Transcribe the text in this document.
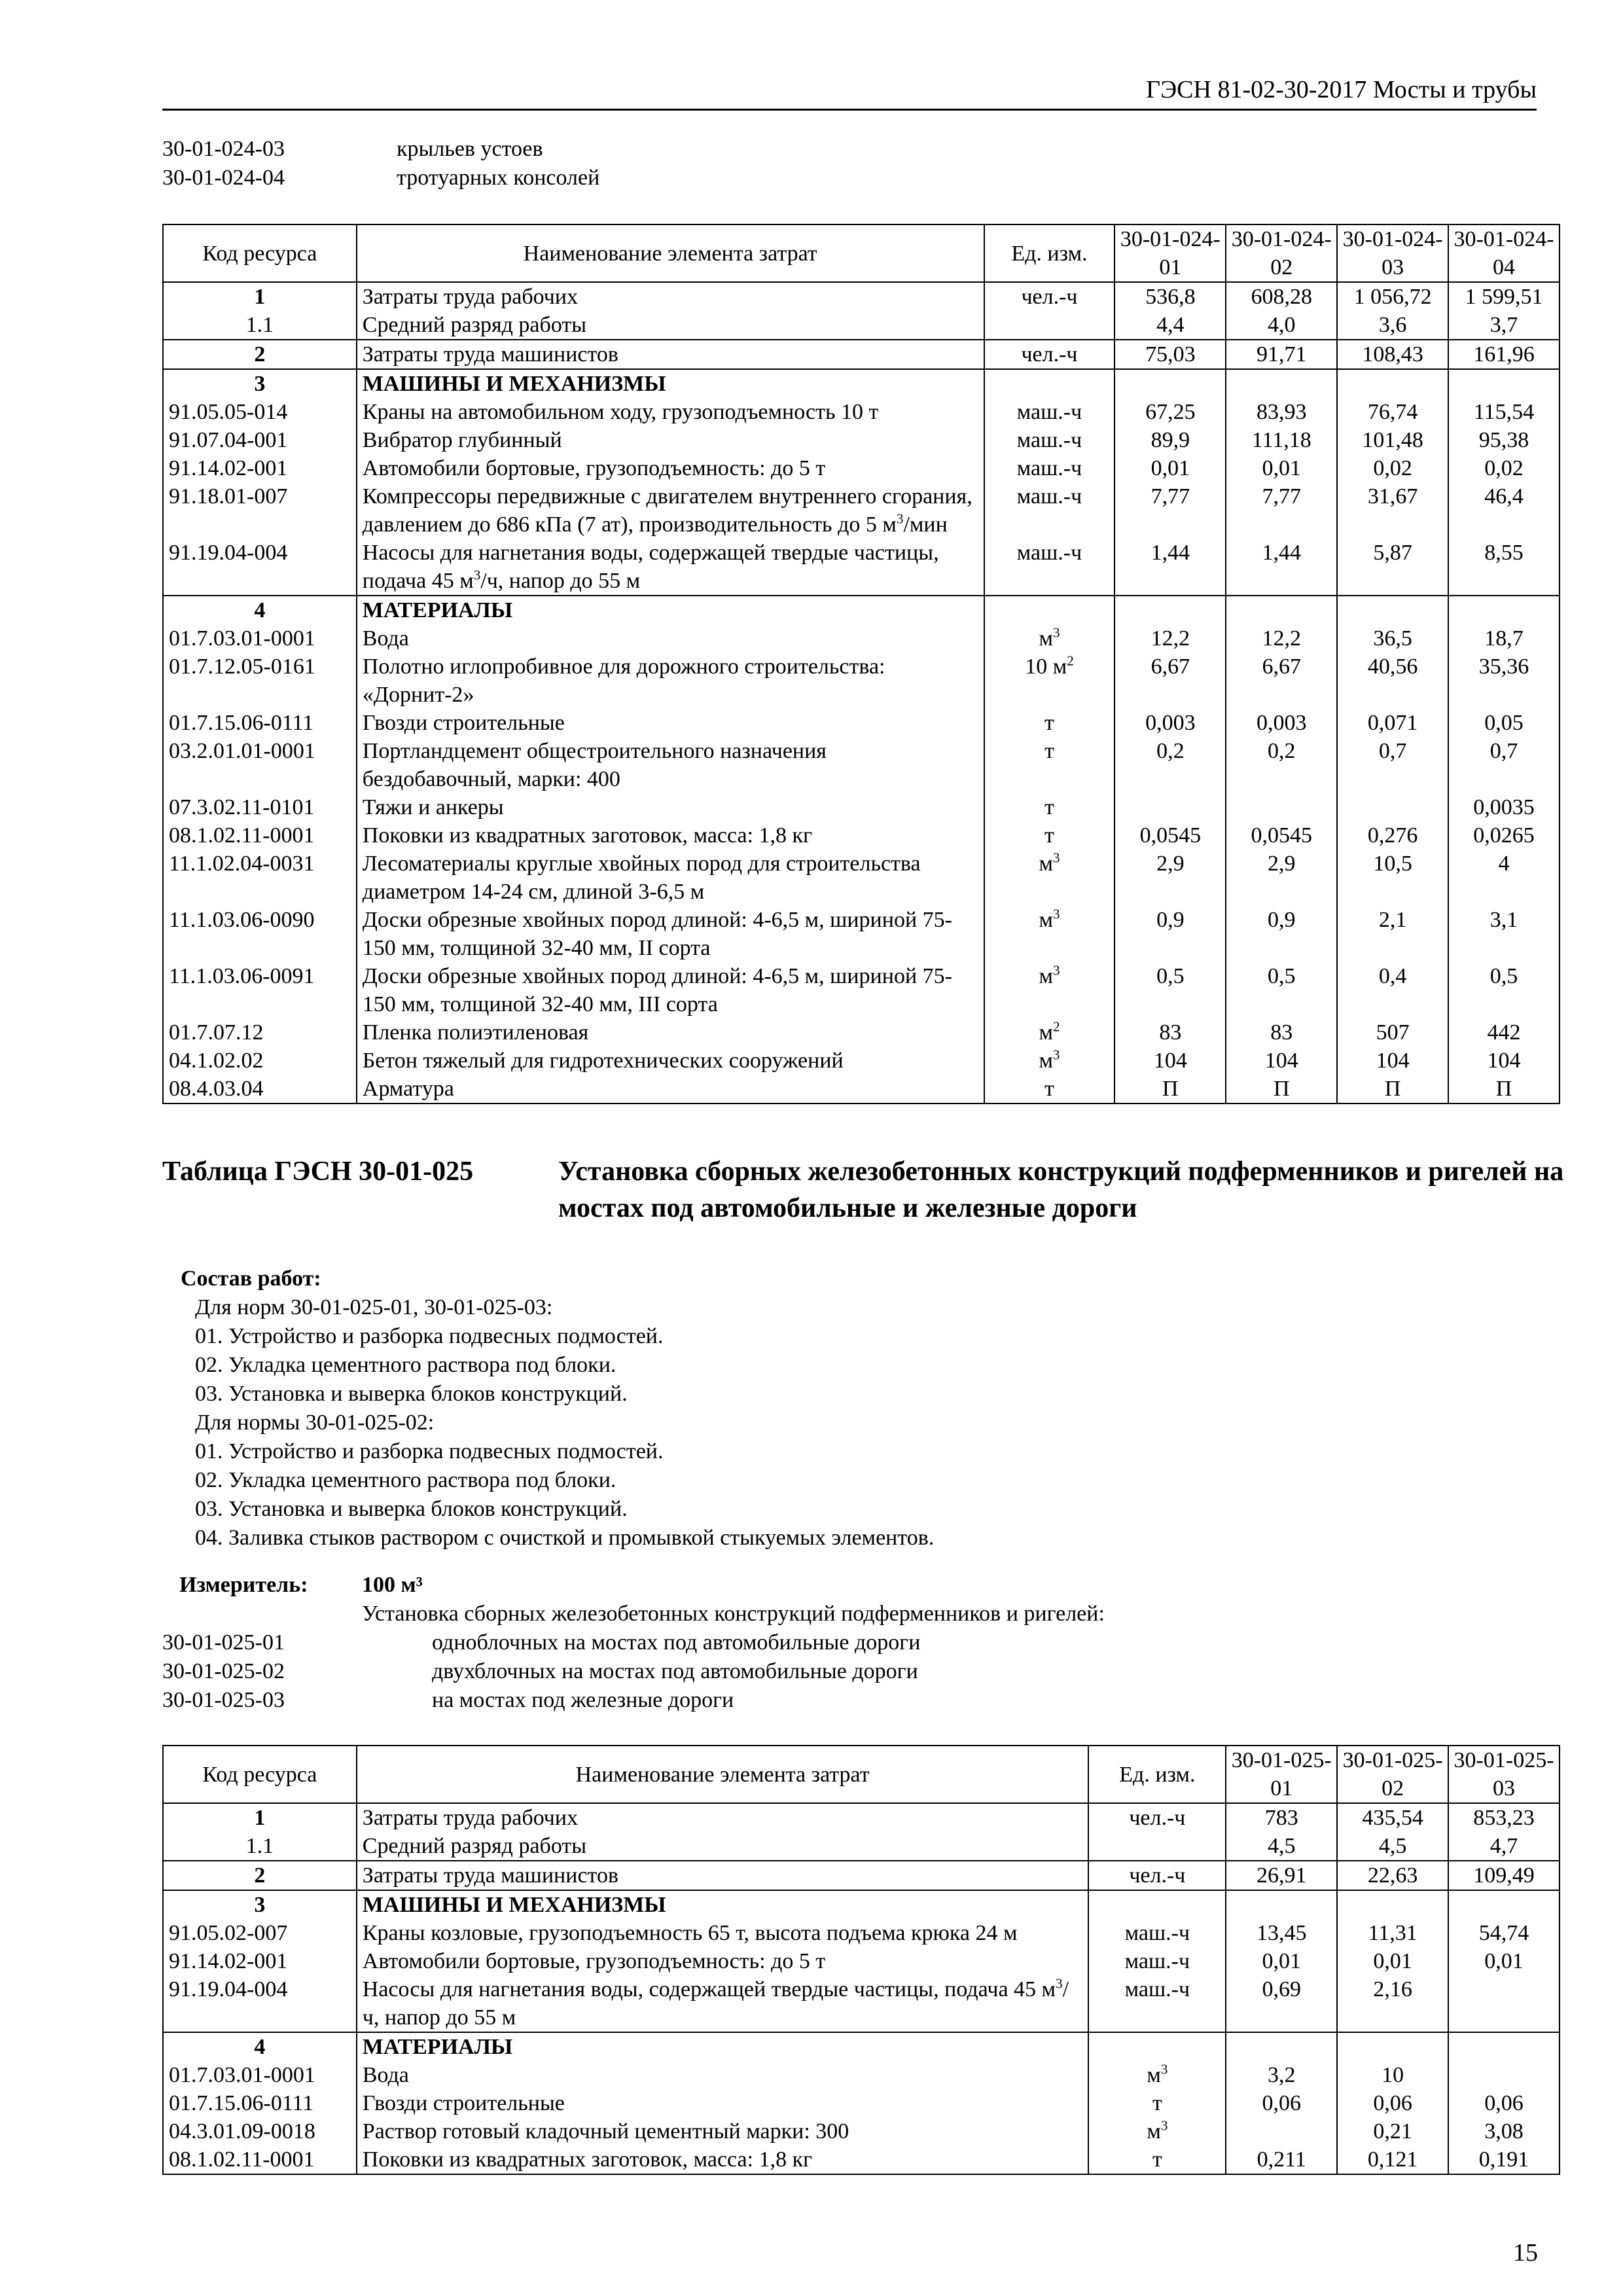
ГЭСН 81-02-30-2017 Мосты и трубы
30-01-024-03	крыльев устоев
30-01-024-04	тротуарных консолей
Код ресурса	Наименование элемента затрат	Ед. изм.	30-01-024-01	30-01-024-02	30-01-024-03	30-01-024-04
1	Затраты труда рабочих	чел.-ч	536,8	608,28	1 056,72	1 599,51
1.1	Средний разряд работы		4,4	4,0	3,6	3,7
2	Затраты труда машинистов	чел.-ч	75,03	91,71	108,43	161,96
3	МАШИНЫ И МЕХАНИЗМЫ					
91.05.05-014	Краны на автомобильном ходу, грузоподъемность 10 т	маш.-ч	67,25	83,93	76,74	115,54
91.07.04-001	Вибратор глубинный	маш.-ч	89,9	111,18	101,48	95,38
91.14.02-001	Автомобили бортовые, грузоподъемность: до 5 т	маш.-ч	0,01	0,01	0,02	0,02
91.18.01-007	Компрессоры передвижные с двигателем внутреннего сгорания, давлением до 686 кПа (7 ат), производительность до 5 $м^3$/мин	маш.-ч	7,77	7,77	31,67	46,4
91.19.04-004	Насосы для нагнетания воды, содержащей твердые частицы, подача 45 $м^3/ч$, напор до 55 м	маш.-ч	1,44	1,44	5,87	8,55
4	МАТЕРИАЛЫ					
01.7.03.01-0001	Вода	$м^3$	12,2	12,2	36,5	18,7
01.7.12.05-0161	Полотно иглопробивное для дорожного строительства: «Дорнит-2»	10 $м^2$	6,67	6,67	40,56	35,36
01.7.15.06-0111	Гвозди строительные	т	0,003	0,003	0,071	0,05
03.2.01.01-0001	Портландцемент общестроительного назначения бездобавочный, марки: 400	т	0,2	0,2	0,7	0,7
07.3.02.11-0101	Тяжи и анкеры	т				0,0035
08.1.02.11-0001	Поковки из квадратных заготовок, масса: 1,8 кг	т	0,0545	0,0545	0,276	0,0265
11.1.02.04-0031	Лесоматериалы круглые хвойных пород для строительства диаметром 14-24 см, длиной 3-6,5 м	$м^3$	2,9	2,9	10,5	4
11.1.03.06-0090	Доски обрезные хвойных пород длиной: 4-6,5 м, шириной 75-150 мм, толщиной 32-40 мм, II сорта	$м^3$	0,9	0,9	2,1	3,1
11.1.03.06-0091	Доски обрезные хвойных пород длиной: 4-6,5 м, шириной 75-150 мм, толщиной 32-40 мм, III сорта	$м^3$	0,5	0,5	0,4	0,5
01.7.07.12	Пленка полиэтиленовая	$м^2$	83	83	507	442
04.1.02.02	Бетон тяжелый для гидротехнических сооружений	$м^3$	104	104	104	104
08.4.03.04	Арматура	т	П	П	П	П
Таблица ГЭСН 30-01-025	Установка сборных железобетонных конструкций подферменников и ригелей на мостах под автомобильные и железные дороги
Состав работ:
Для норм 30-01-025-01, 30-01-025-03:
01. Устройство и разборка подвесных подмостей.
02. Укладка цементного раствора под блоки.
03. Установка и выверка блоков конструкций.
Для нормы 30-01-025-02:
01. Устройство и разборка подвесных подмостей.
02. Укладка цементного раствора под блоки.
03. Установка и выверка блоков конструкций.
04. Заливка стыков раствором с очисткой и промывкой стыкуемых элементов.
Измеритель: 100 м³
Установка сборных железобетонных конструкций подферменников и ригелей:
30-01-025-01	одноблочных на мостах под автомобильные дороги
30-01-025-02	двухблочных на мостах под автомобильные дороги
30-01-025-03	на мостах под железные дороги
Код ресурса	Наименование элемента затрат	Ед. изм.	30-01-025-01	30-01-025-02	30-01-025-03
1	Затраты труда рабочих	чел.-ч	783	435,54	853,23
1.1	Средний разряд работы		4,5	4,5	4,7
2	Затраты труда машинистов	чел.-ч	26,91	22,63	109,49
3	МАШИНЫ И МЕХАНИЗМЫ				
91.05.02-007	Краны козловые, грузоподъемность 65 т, высота подъема крюка 24 м	маш.-ч	13,45	11,31	54,74
91.14.02-001	Автомобили бортовые, грузоподъемность: до 5 т	маш.-ч	0,01	0,01	0,01
91.19.04-004	Насосы для нагнетания воды, содержащей твердые частицы, подача 45 $м^3/ч$, напор до 55 м	маш.-ч	0,69	2,16	
4	МАТЕРИАЛЫ				
01.7.03.01-0001	Вода	$м^3$	3,2	10	
01.7.15.06-0111	Гвозди строительные	т	0,06	0,06	0,06
04.3.01.09-0018	Раствор готовый кладочный цементный марки: 300	$м^3$		0,21	3,08
08.1.02.11-0001	Поковки из квадратных заготовок, масса: 1,8 кг	т	0,211	0,121	0,191
15
